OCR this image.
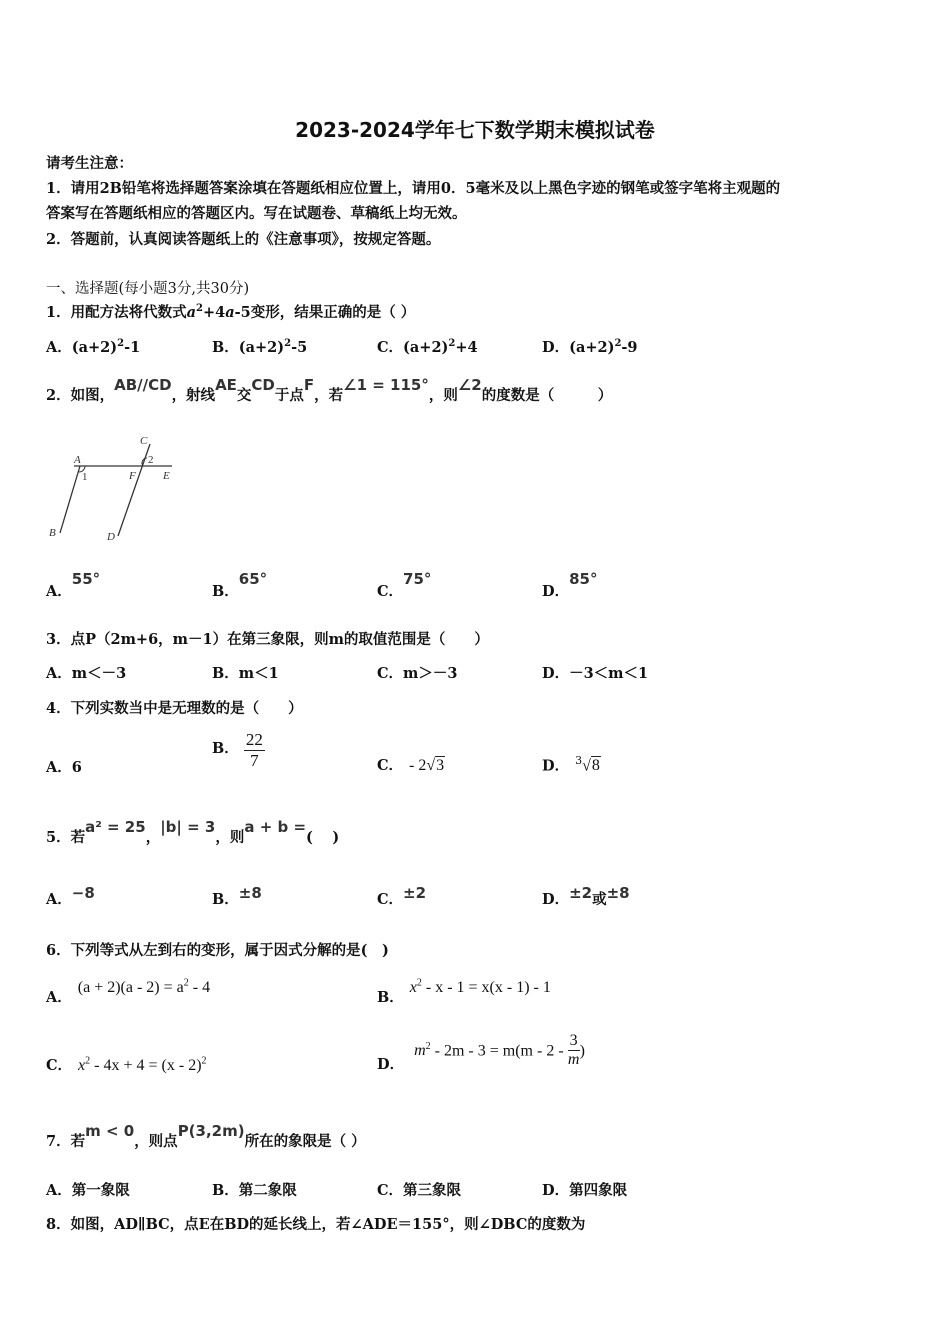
2023-2024学年七下数学期末模拟试卷
请考生注意：
1．请用2B铅笔将选择题答案涂填在答题纸相应位置上，请用0．5毫米及以上黑色字迹的钢笔或签字笔将主观题的
答案写在答题纸相应的答题区内。写在试题卷、草稿纸上均无效。
2．答题前，认真阅读答题纸上的《注意事项》，按规定答题。
一、选择题(每小题3分,共30分)
1．用配方法将代数式$a^2+4a-5$变形，结果正确的是（ ）
A．$(a+2)^2-1$	B．$(a+2)^2-5$	C．$(a+2)^2+4$	D．$(a+2)^2-9$
2．如图，AB//CD，射线AE交CD于点F，若∠1 = 115°，则∠2的度数是（　　　）
A
B
C
D
E
F
1
2
A．55°
B．65°
C．75°
D．85°
3．点P（2m+6，m－1）在第三象限，则m的取值范围是（　　）
A．m＜－3	B．m＜1	C．m＞－3	D．－3＜m＜1
4．下列实数当中是无理数的是（　　）
A．6
B． $\frac{22}{7}$	C． - 2√3	D． $^3$√8
5．若a² = 25，|b| = 3，则a + b =(　 )
A．−8	B．±8	C．±2	D．±2或±8
6．下列等式从左到右的变形，属于因式分解的是(　)
A．$(a + 2)(a - 2) = a^2 - 4$
B．$x^2 - x - 1 = x(x - 1) - 1$
C． $x^2 - 4x + 4 = (x - 2)^2$	D．$m^2 - 2m - 3 = m(m - 2 - \frac{3}{m}$ )
7．若m < 0，则点P(3,2m)所在的象限是（ ）
A．第一象限	B．第二象限	C．第三象限	D．第四象限
8．如图，AD∥BC，点E在BD的延长线上，若∠ADE＝155°，则∠DBC的度数为
